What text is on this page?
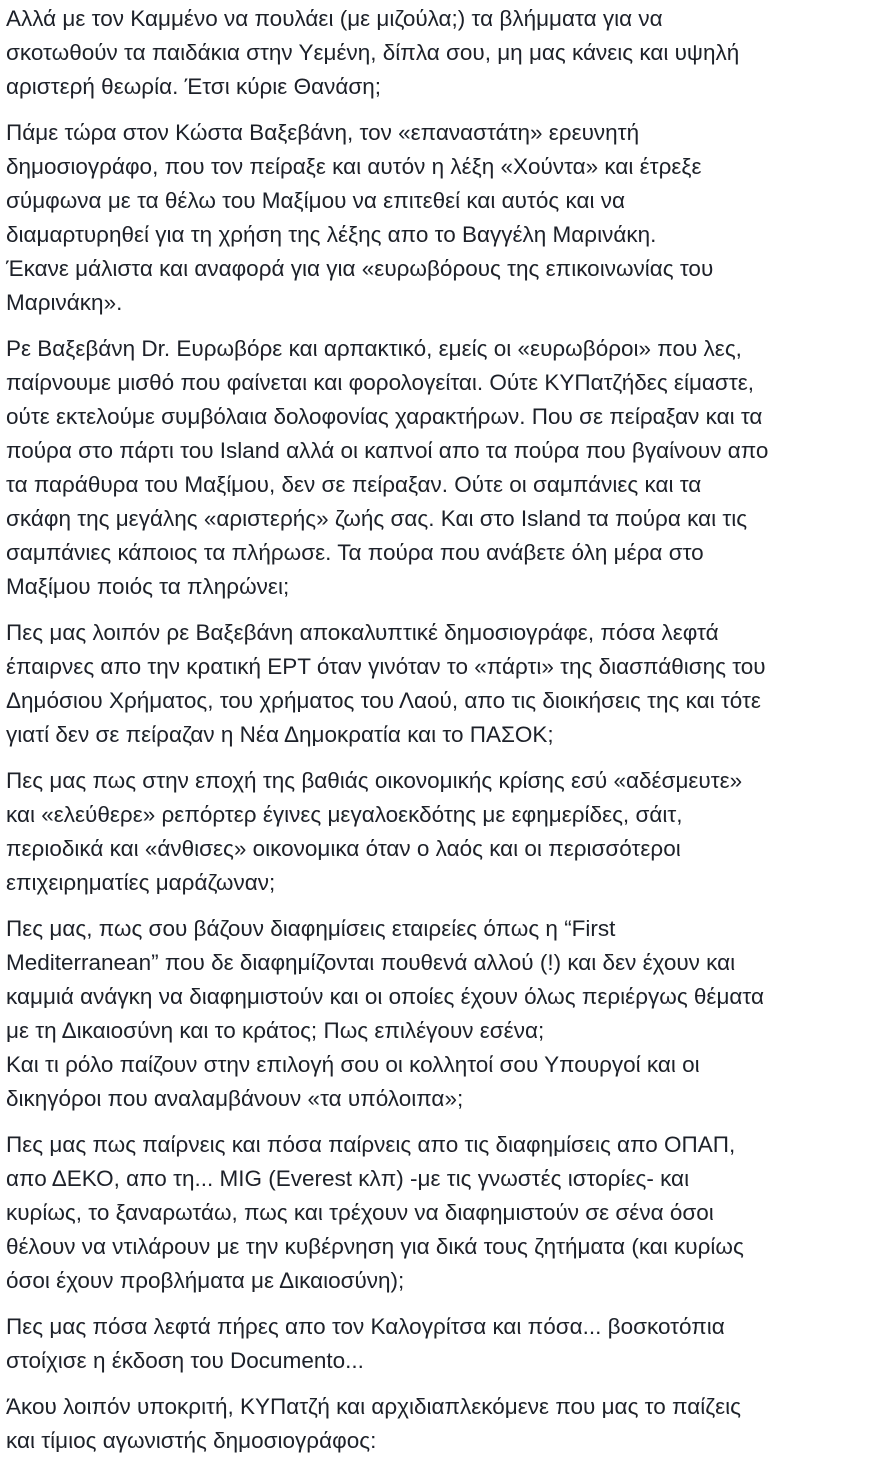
Αλλά με τον Καμμένο να πουλάει (με μιζούλα;) τα βλήμματα για να
σκοτωθούν τα παιδάκια στην Υεμένη, δίπλα σου, μη μας κάνεις και υψηλή
αριστερή θεωρία. Έτσι κύριε Θανάση;

Πάμε τώρα στον Κώστα Βαξεβάνη, τον «επαναστάτη» ερευνητή
δημοσιογράφο, που τον πείραξε και αυτόν η λέξη «Χούντα» και έτρεξε
σύμφωνα με τα θέλω του Μαξίμου να επιτεθεί και αυτός και να
διαμαρτυρηθεί για τη χρήση της λέξης απο το Βαγγέλη Μαρινάκη.
Έκανε μάλιστα και αναφορά για για «ευρωβόρους της επικοινωνίας του
Μαρινάκη».

Ρε Βαξεβάνη Dr. Ευρωβόρε και αρπακτικό, εμείς οι «ευρωβόροι» που λες,
παίρνουμε μισθό που φαίνεται και φορολογείται. Ούτε ΚΥΠατζήδες είμαστε,
ούτε εκτελούμε συμβόλαια δολοφονίας χαρακτήρων. Που σε πείραξαν και τα
πούρα στο πάρτι του Island αλλά οι καπνοί απο τα πούρα που βγαίνουν απο
τα παράθυρα του Μαξίμου, δεν σε πείραξαν. Ούτε οι σαμπάνιες και τα
σκάφη της μεγάλης «αριστερής» ζωής σας. Και στο Island τα πούρα και τις
σαμπάνιες κάποιος τα πλήρωσε. Τα πούρα που ανάβετε όλη μέρα στο
Μαξίμου ποιός τα πληρώνει;

Πες μας λοιπόν ρε Βαξεβάνη αποκαλυπτικέ δημοσιογράφε, πόσα λεφτά
έπαιρνες απο την κρατική ΕΡΤ όταν γινόταν το «πάρτι» της διασπάθισης του
Δημόσιου Χρήματος, του χρήματος του Λαού, απο τις διοικήσεις της και τότε
γιατί δεν σε πείραζαν η Νέα Δημοκρατία και το ΠΑΣΟΚ;

Πες μας πως στην εποχή της βαθιάς οικονομικής κρίσης εσύ «αδέσμευτε»
και «ελεύθερε» ρεπόρτερ έγινες μεγαλοεκδότης με εφημερίδες, σάιτ,
περιοδικά και «άνθισες» οικονομικα όταν ο λαός και οι περισσότεροι
επιχειρηματίες μαράζωναν;

Πες μας, πως σου βάζουν διαφημίσεις εταιρείες όπως η “First
Mediterranean” που δε διαφημίζονται πουθενά αλλού (!) και δεν έχουν και
καμμιά ανάγκη να διαφημιστούν και οι οποίες έχουν όλως περιέργως θέματα
με τη Δικαιοσύνη και το κράτος; Πως επιλέγουν εσένα;
Και τι ρόλο παίζουν στην επιλογή σου οι κολλητοί σου Υπουργοί και οι
δικηγόροι που αναλαμβάνουν «τα υπόλοιπα»;

Πες μας πως παίρνεις και πόσα παίρνεις απο τις διαφημίσεις απο ΟΠΑΠ,
απο ΔΕΚΟ, απο τη... MIG (Everest κλπ) -με τις γνωστές ιστορίες- και
κυρίως, το ξαναρωτάω, πως και τρέχουν να διαφημιστούν σε σένα όσοι
θέλουν να ντιλάρουν με την κυβέρνηση για δικά τους ζητήματα (και κυρίως
όσοι έχουν προβλήματα με Δικαιοσύνη);

Πες μας πόσα λεφτά πήρες απο τον Καλογρίτσα και πόσα... βοσκοτόπια
στοίχισε η έκδοση του Documento...

Άκου λοιπόν υποκριτή, ΚΥΠατζή και αρχιδιαπλεκόμενε που μας το παίζεις
και τίμιος αγωνιστής δημοσιογράφος:
